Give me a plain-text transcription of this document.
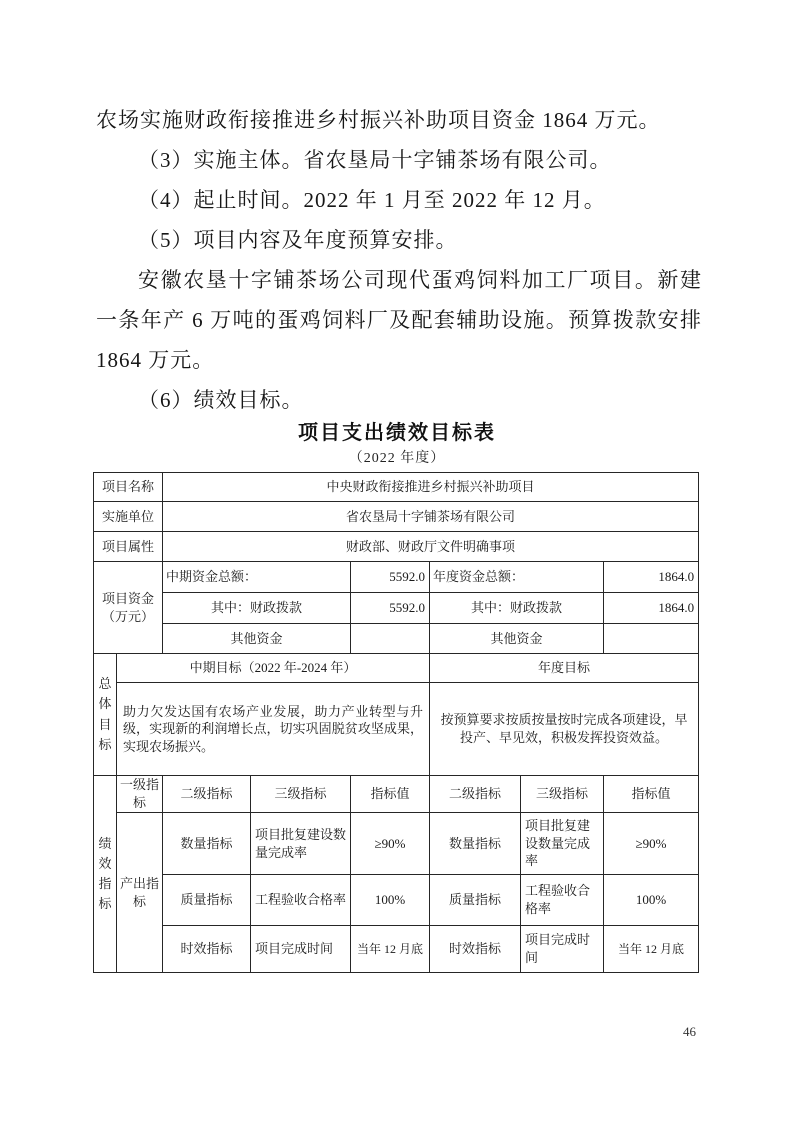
农场实施财政衔接推进乡村振兴补助项目资金 1864 万元。

（3）实施主体。省农垦局十字铺茶场有限公司。

（4）起止时间。2022 年 1 月至 2022 年 12 月。

（5）项目内容及年度预算安排。

安徽农垦十字铺茶场公司现代蛋鸡饲料加工厂项目。新建一条年产 6 万吨的蛋鸡饲料厂及配套辅助设施。预算拨款安排 1864 万元。

（6）绩效目标。

项目支出绩效目标表
（2022 年度）
项目名称		中央财政衔接推进乡村振兴补助项目					
实施单位		省农垦局十字铺茶场有限公司					
项目属性		财政部、财政厅文件明确事项					

项目资金
（万元）		中期资金总额：		5592.0	年度资金总额：		1864.0
		其中：财政拨款		5592.0	其中：财政拨款		1864.0
		其他资金			其他资金		
总体目标	中期目标（2022 年-2024 年）				年度目标		
	助力欠发达国有农场产业发展，助力产业转型与升级，实现新的利润增长点，切实巩固脱贫攻坚成果，实现农场振兴。				按预算要求按质按量按时完成各项建设，早投产、早见效，积极发挥投资效益。		
绩效指标	一级指标	二级指标	三级指标	指标值	二级指标	三级指标	指标值
	产出指标	数量指标	项目批复建设数量完成率	≥90%	数量指标	项目批复建设数量完成率	≥90%
		质量指标	工程验收合格率	100%	质量指标	工程验收合格率	100%
		时效指标	项目完成时间	当年 12 月底	时效指标	项目完成时间	当年 12 月底
46
